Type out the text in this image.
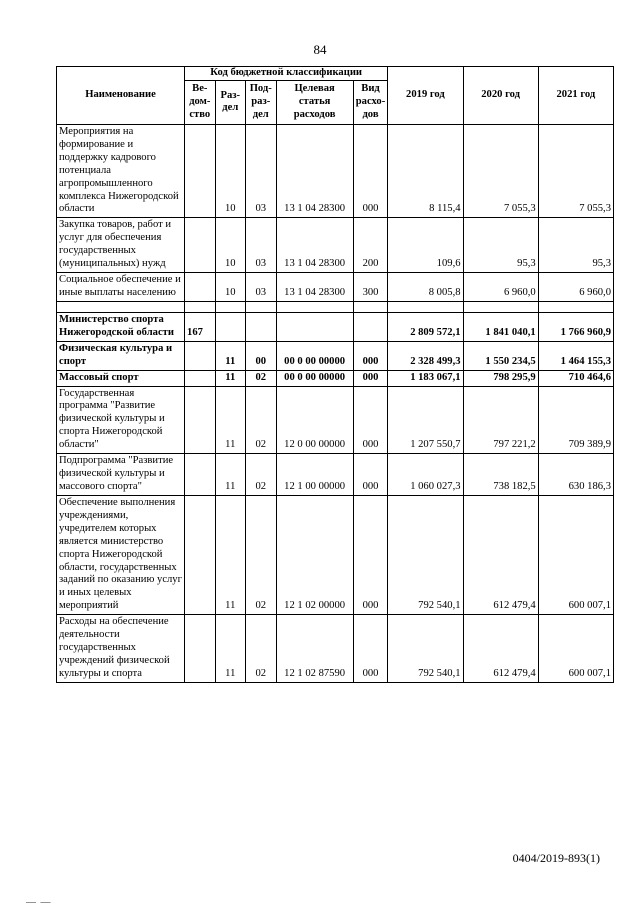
84
Наименование	Код бюджетной классификации					2019 год	2020 год	2021 год
	Ве-дом-ство	Раз-дел	Под-раз-дел	Целевая статья расходов	Вид расхо-дов			
Мероприятия на формирование и поддержку кадрового потенциала агропромышленного комплекса Нижегородской области		10	03	13 1 04 28300	000	8 115,4	7 055,3	7 055,3
Закупка товаров, работ и услуг для обеспечения государственных (муниципальных) нужд		10	03	13 1 04 28300	200	109,6	95,3	95,3
Социальное обеспечение и иные выплаты населению		10	03	13 1 04 28300	300	8 005,8	6 960,0	6 960,0

Министерство спорта Нижегородской области	167					2 809 572,1	1 841 040,1	1 766 960,9
Физическая культура и спорт		11	00	00 0 00 00000	000	2 328 499,3	1 550 234,5	1 464 155,3
Массовый спорт		11	02	00 0 00 00000	000	1 183 067,1	798 295,9	710 464,6
Государственная программа "Развитие физической культуры и спорта Нижегородской области"		11	02	12 0 00 00000	000	1 207 550,7	797 221,2	709 389,9
Подпрограмма "Развитие физической культуры и массового спорта"		11	02	12 1 00 00000	000	1 060 027,3	738 182,5	630 186,3
Обеспечение выполнения учреждениями, учредителем которых является министерство спорта Нижегородской области, государственных заданий по оказанию услуг и иных целевых мероприятий		11	02	12 1 02 00000	000	792 540,1	612 479,4	600 007,1
Расходы на обеспечение деятельности государственных учреждений физической культуры и спорта		11	02	12 1 02 87590	000	792 540,1	612 479,4	600 007,1
0404/2019-893(1)
— —
